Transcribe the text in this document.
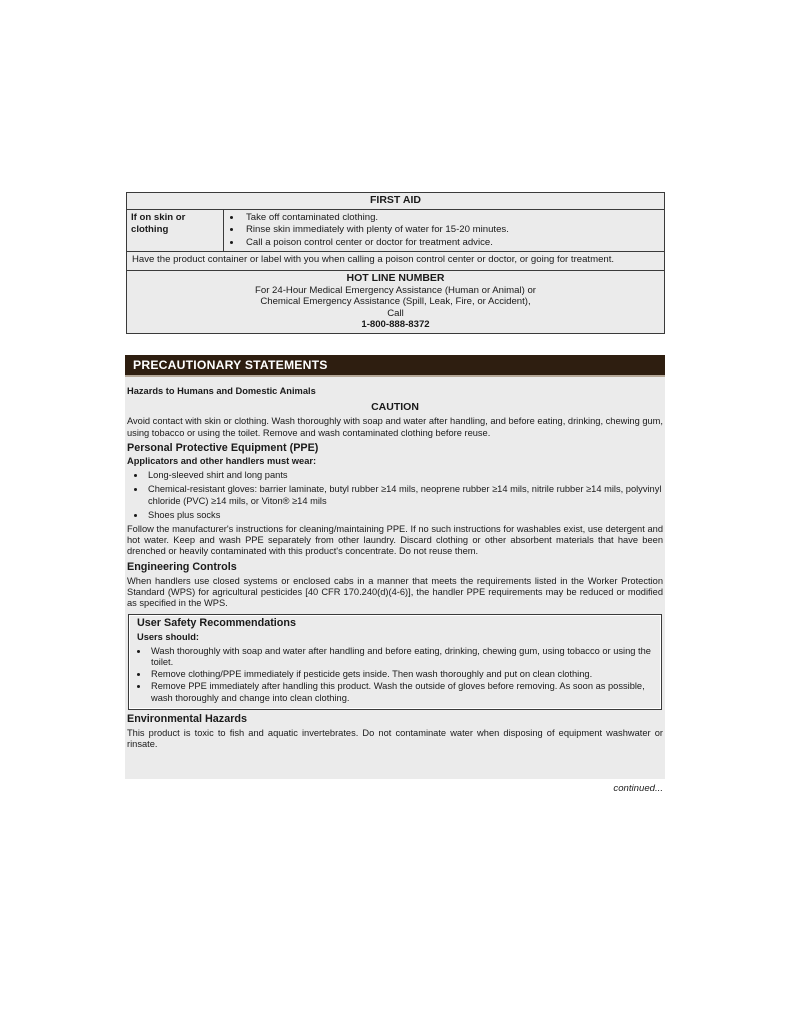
FIRST AID
If on skin or clothing
• Take off contaminated clothing.
• Rinse skin immediately with plenty of water for 15-20 minutes.
• Call a poison control center or doctor for treatment advice.
Have the product container or label with you when calling a poison control center or doctor, or going for treatment.
HOT LINE NUMBER
For 24-Hour Medical Emergency Assistance (Human or Animal) or
Chemical Emergency Assistance (Spill, Leak, Fire, or Accident),
Call
1-800-888-8372
PRECAUTIONARY STATEMENTS
Hazards to Humans and Domestic Animals
CAUTION
Avoid contact with skin or clothing. Wash thoroughly with soap and water after handling, and before eating, drinking, chewing gum, using tobacco or using the toilet. Remove and wash contaminated clothing before reuse.
Personal Protective Equipment (PPE)
Applicators and other handlers must wear:
• Long-sleeved shirt and long pants
• Chemical-resistant gloves: barrier laminate, butyl rubber ≥14 mils, neoprene rubber ≥14 mils, nitrile rubber ≥14 mils, polyvinyl chloride (PVC) ≥14 mils, or Viton® ≥14 mils
• Shoes plus socks
Follow the manufacturer's instructions for cleaning/maintaining PPE. If no such instructions for washables exist, use detergent and hot water. Keep and wash PPE separately from other laundry. Discard clothing or other absorbent materials that have been drenched or heavily contaminated with this product's concentrate. Do not reuse them.
Engineering Controls
When handlers use closed systems or enclosed cabs in a manner that meets the requirements listed in the Worker Protection Standard (WPS) for agricultural pesticides [40 CFR 170.240(d)(4-6)], the handler PPE requirements may be reduced or modified as specified in the WPS.
User Safety Recommendations
Users should:
• Wash thoroughly with soap and water after handling and before eating, drinking, chewing gum, using tobacco or using the toilet.
• Remove clothing/PPE immediately if pesticide gets inside. Then wash thoroughly and put on clean clothing.
• Remove PPE immediately after handling this product. Wash the outside of gloves before removing. As soon as possible, wash thoroughly and change into clean clothing.
Environmental Hazards
This product is toxic to fish and aquatic invertebrates. Do not contaminate water when disposing of equipment washwater or rinsate.
continued...
